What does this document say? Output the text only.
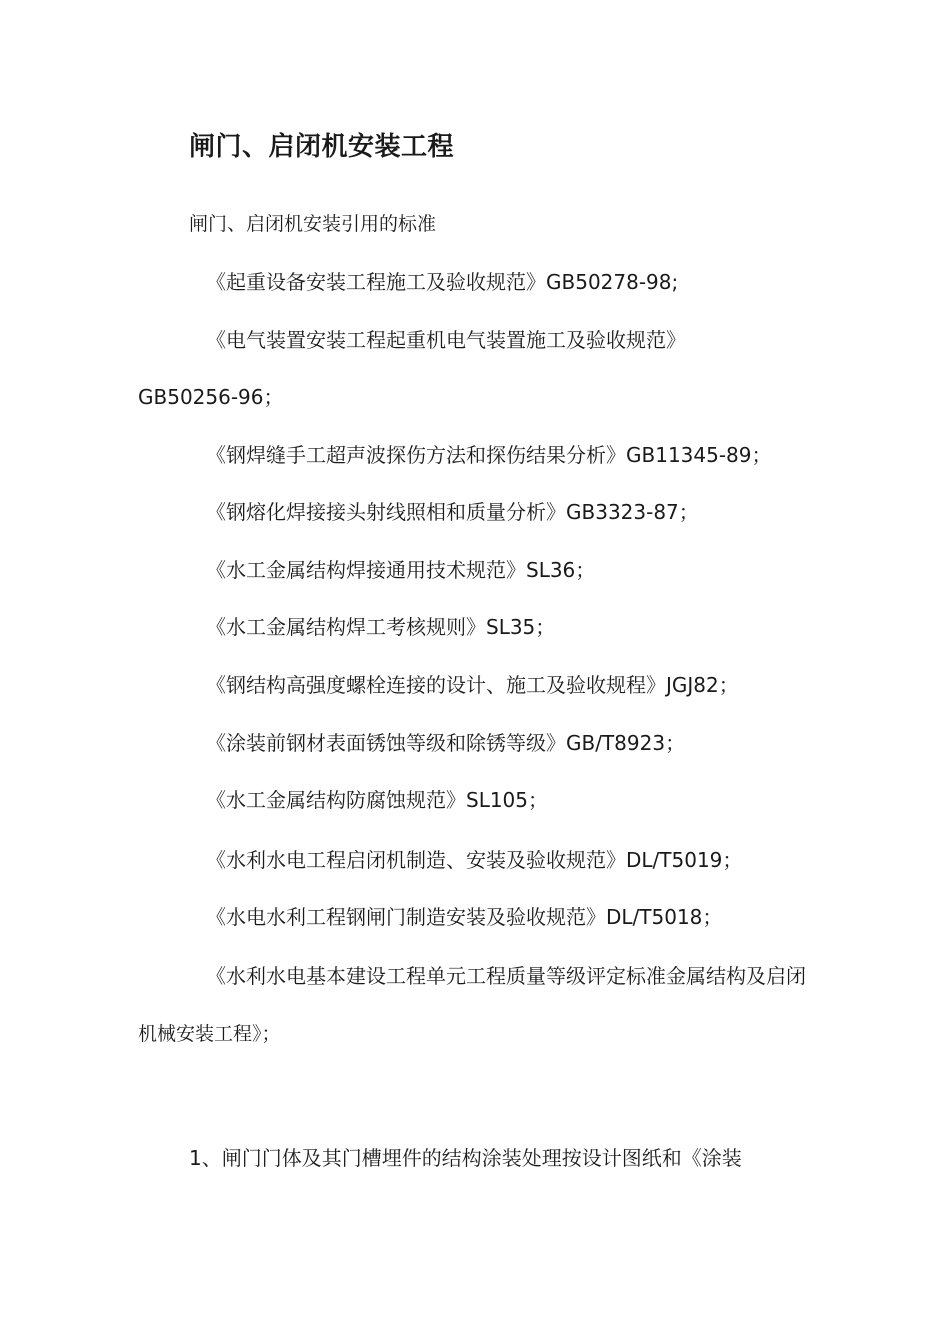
闸门、启闭机安装工程

闸门、启闭机安装引用的标准

《起重设备安装工程施工及验收规范》GB50278-98;

《电气装置安装工程起重机电气装置施工及验收规范》

GB50256-96；

《钢焊缝手工超声波探伤方法和探伤结果分析》GB11345-89；

《钢熔化焊接接头射线照相和质量分析》GB3323-87；

《水工金属结构焊接通用技术规范》SL36；

《水工金属结构焊工考核规则》SL35；

《钢结构高强度螺栓连接的设计、施工及验收规程》JGJ82；

《涂装前钢材表面锈蚀等级和除锈等级》GB/T8923；

《水工金属结构防腐蚀规范》SL105；

《水利水电工程启闭机制造、安装及验收规范》DL/T5019；

《水电水利工程钢闸门制造安装及验收规范》DL/T5018；

《水利水电基本建设工程单元工程质量等级评定标准金属结构及启闭

机械安装工程》；

1、闸门门体及其门槽埋件的结构涂装处理按设计图纸和《涂装
